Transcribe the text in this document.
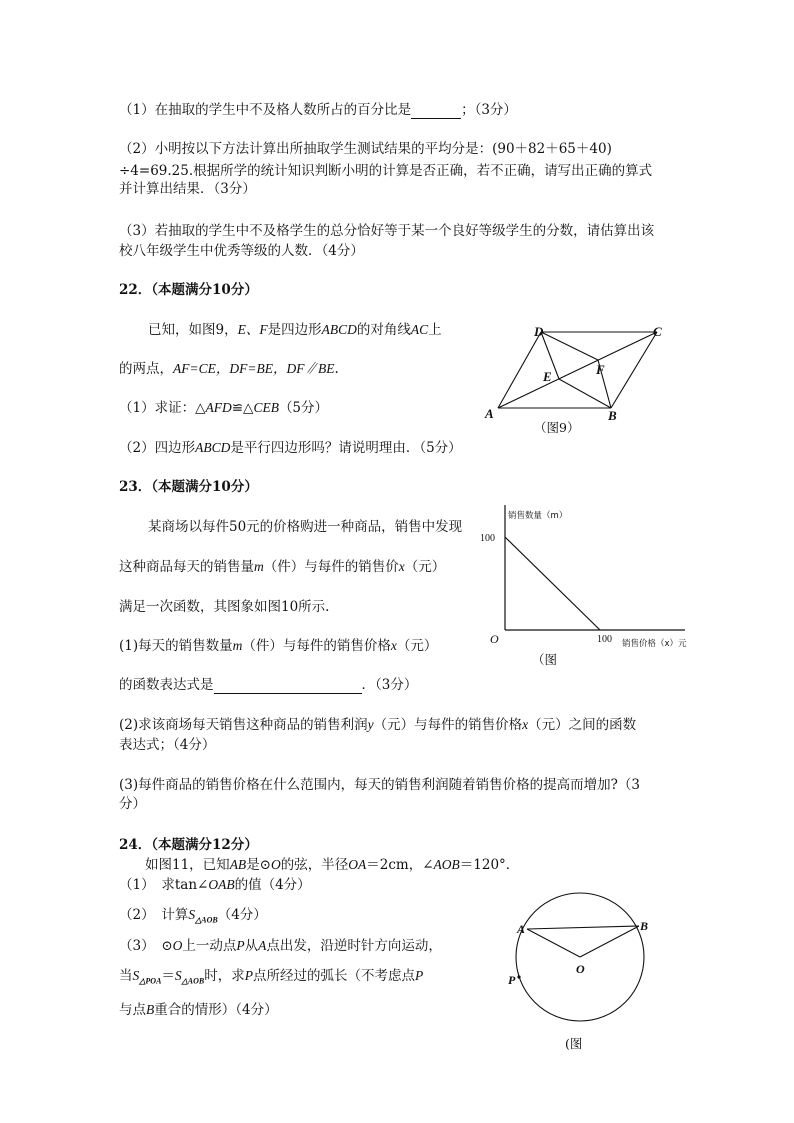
（1）在抽取的学生中不及格人数所占的百分比是	；（3分）
（2）小明按以下方法计算出所抽取学生测试结果的平均分是：(90＋82＋65＋40)
÷4=69.25.根据所学的统计知识判断小明的计算是否正确，若不正确，请写出正确的算式
并计算出结果．（3分）
（3）若抽取的学生中不及格学生的总分恰好等于某一个良好等级学生的分数，请估算出该
校八年级学生中优秀等级的人数．（4分）
22．（本题满分10分）
已知，如图9，E、F是四边形ABCD的对角线AC上
的两点，AF=CE，DF=BE，DF∥BE.
（1）求证：△AFD≌△CEB（5分）
（2）四边形ABCD是平行四边形吗？请说明理由．（5分）
D	C
E	F
A	B
（图9）
23．（本题满分10分）
某商场以每件50元的价格购进一种商品，销售中发现
这种商品每天的销售量m（件）与每件的销售价x（元）
满足一次函数，其图象如图10所示.
(1)每天的销售数量m（件）与每件的销售价格x（元）
的函数表达式是	．（3分）
(2)求该商场每天销售这种商品的销售利润y（元）与每件的销售价格x（元）之间的函数
表达式；（4分）
(3)每件商品的销售价格在什么范围内，每天的销售利润随着销售价格的提高而增加?（3
分）
销售数量（m）
100
100 销售价格（x）元
O
（图
24．（本题满分12分）
如图11，已知AB是⊙O的弦，半径OA＝2cm，∠AOB＝120°．
（1）　求tan∠OAB的值（4分）
（2）　计算$S_{\triangle AOB}(4$分）
（3）　⊙O上一动点P从A点出发，沿逆时针方向运动，
当$S_{\triangle POA}=S_{\triangle AOB}$时，求P点所经过的弧长（不考虑点P
与点B重合的情形）（4分）
A	B
O
P
(图
